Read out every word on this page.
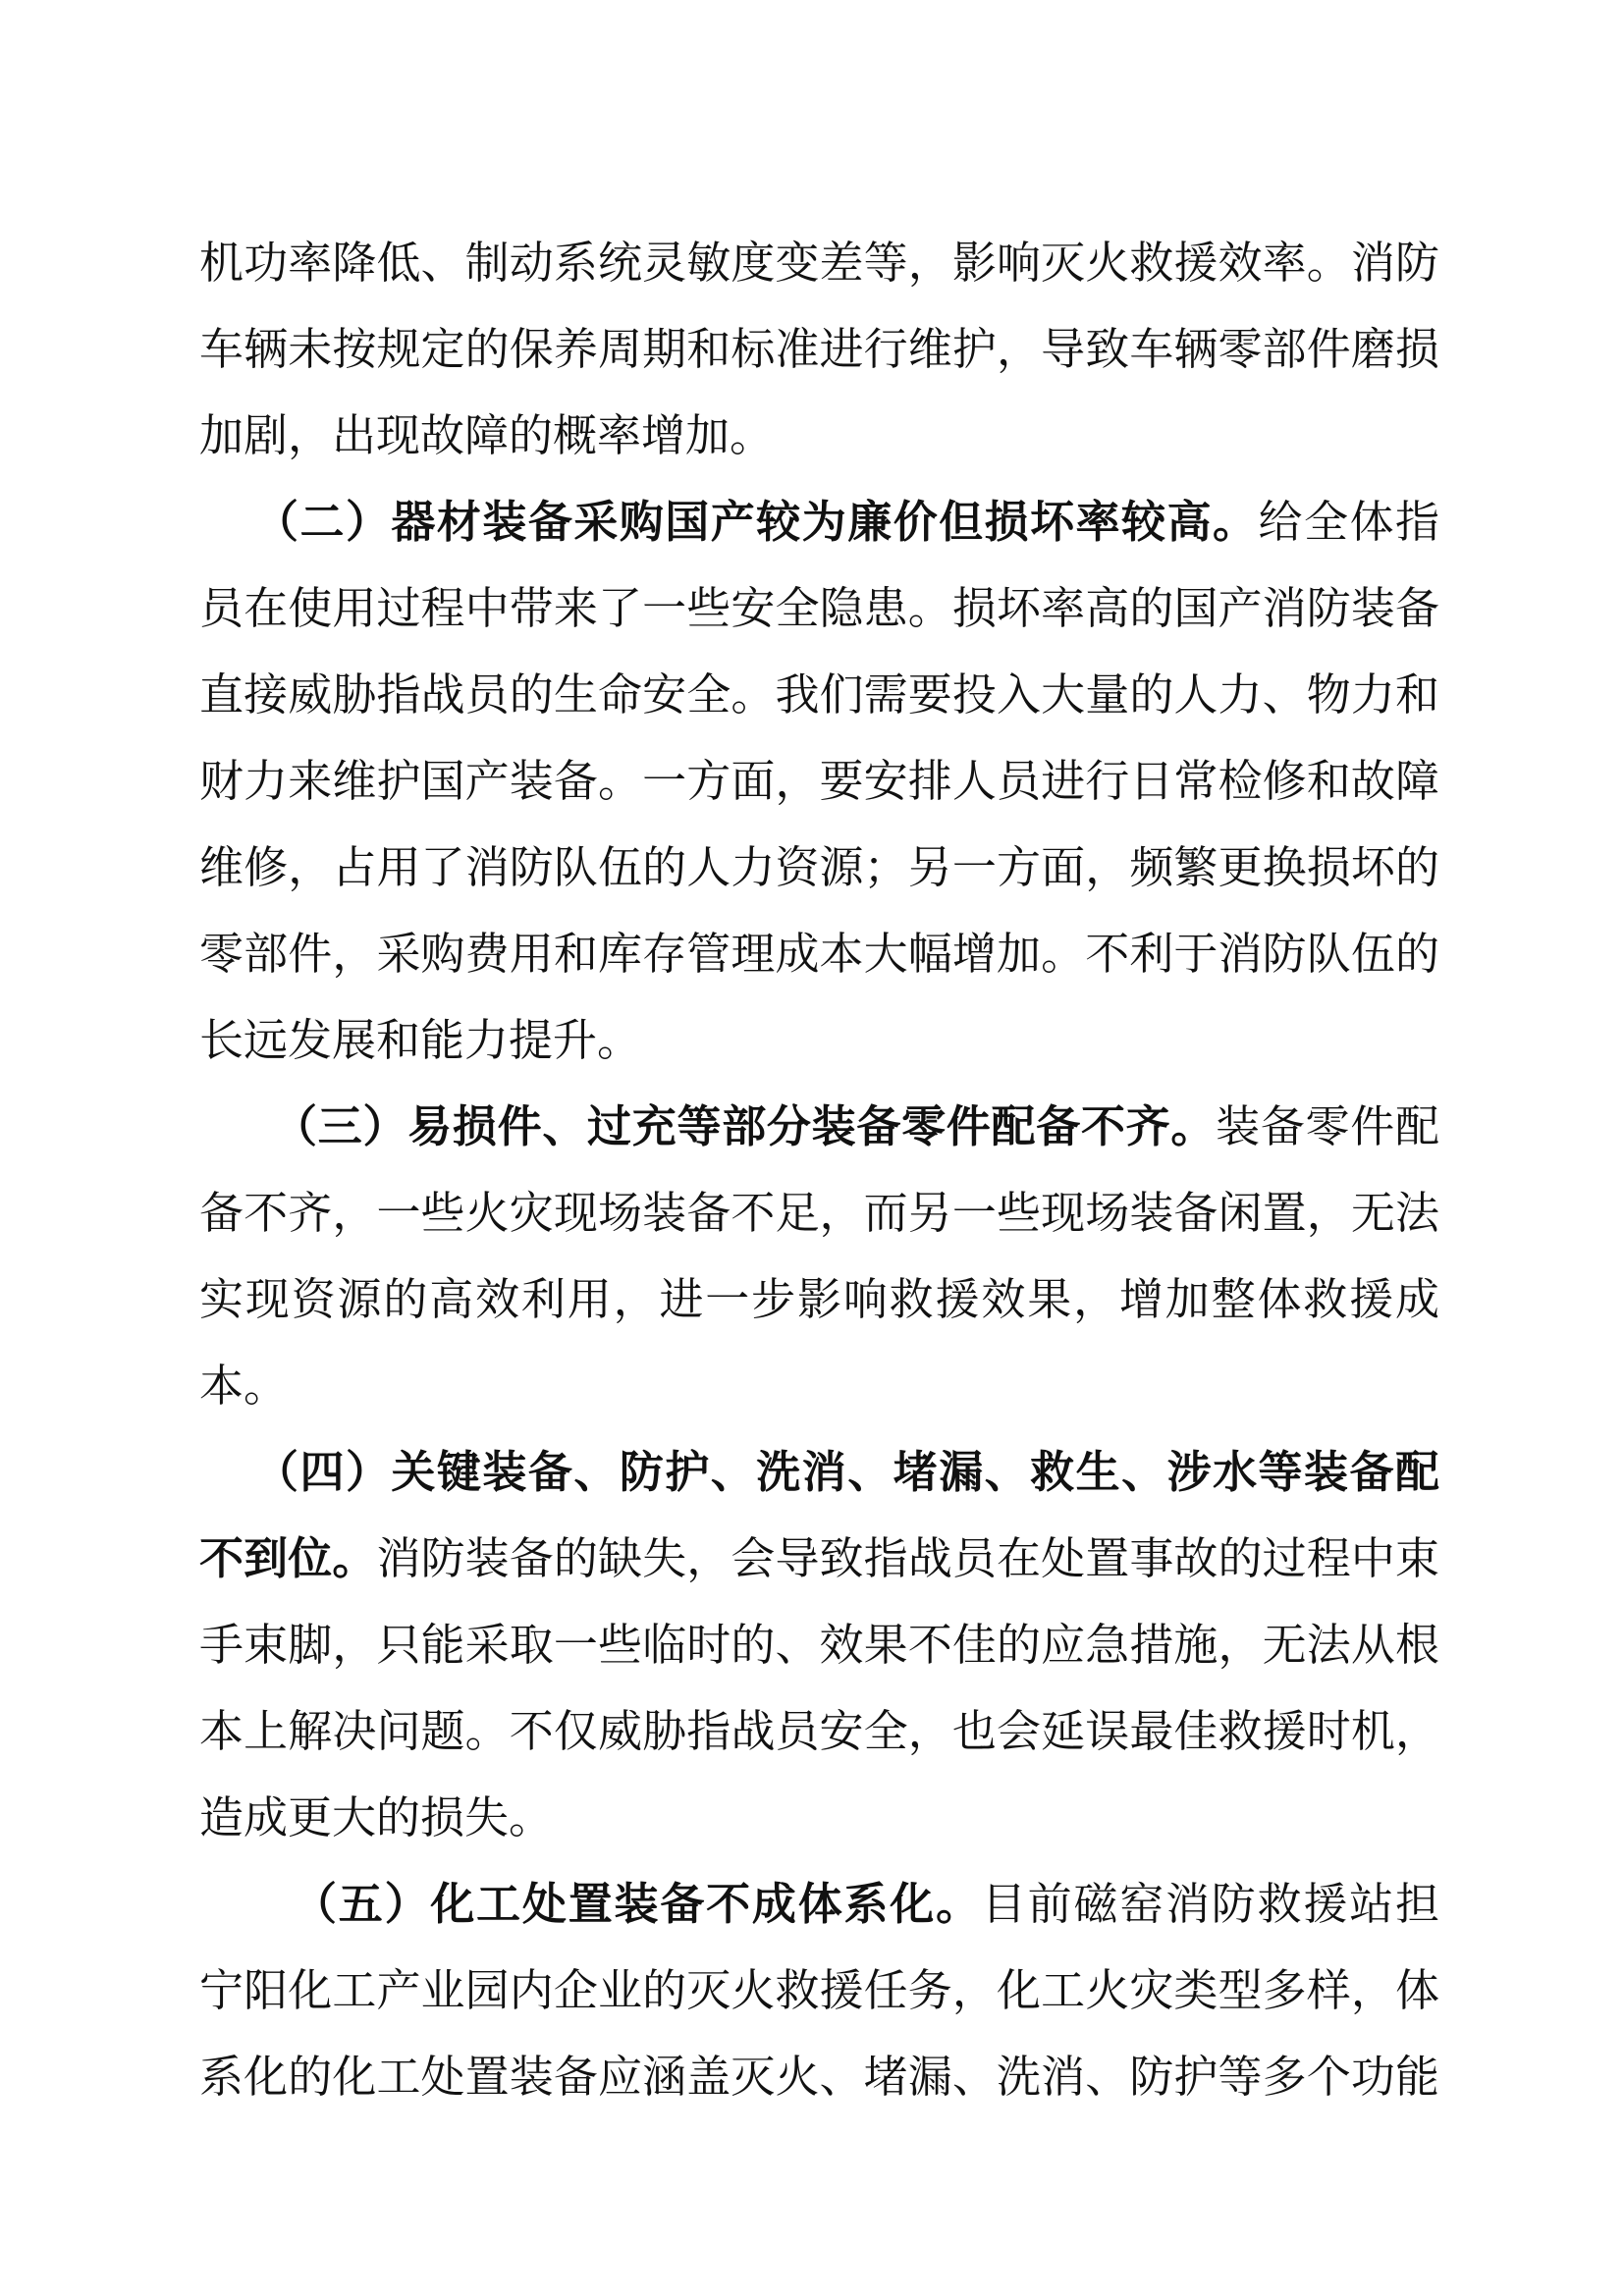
机功率降低、制动系统灵敏度变差等，影响灭火救援效率。消防
车辆未按规定的保养周期和标准进行维护，导致车辆零部件磨损
加剧，出现故障的概率增加。
（二）器材装备采购国产较为廉价但损坏率较高。给全体指
员在使用过程中带来了一些安全隐患。损坏率高的国产消防装备
直接威胁指战员的生命安全。我们需要投入大量的人力、物力和
财力来维护国产装备。一方面，要安排人员进行日常检修和故障
维修，占用了消防队伍的人力资源；另一方面，频繁更换损坏的
零部件，采购费用和库存管理成本大幅增加。不利于消防队伍的
长远发展和能力提升。
（三）易损件、过充等部分装备零件配备不齐。装备零件配
备不齐，一些火灾现场装备不足，而另一些现场装备闲置，无法
实现资源的高效利用，进一步影响救援效果，增加整体救援成
本。
（四）关键装备、防护、洗消、堵漏、救生、涉水等装备配
不到位。消防装备的缺失，会导致指战员在处置事故的过程中束
手束脚，只能采取一些临时的、效果不佳的应急措施，无法从根
本上解决问题。不仅威胁指战员安全，也会延误最佳救援时机，
造成更大的损失。
（五）化工处置装备不成体系化。目前磁窑消防救援站担
宁阳化工产业园内企业的灭火救援任务，化工火灾类型多样，体
系化的化工处置装备应涵盖灭火、堵漏、洗消、防护等多个功能
